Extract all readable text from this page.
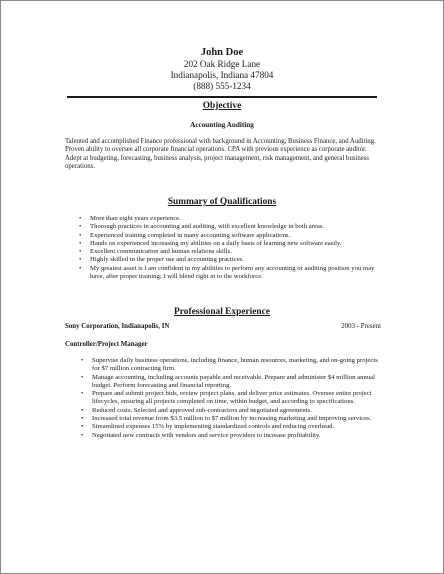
John Doe
202 Oak Ridge Lane
Indianapolis, Indiana 47804
(888) 555-1234
Objective
Accounting Auditing

Talented and accomplished Finance professional with background in Accounting, Business Finance, and Auditing. Proven ability to oversee all corporate financial operations. CPA with previous experience as corporate auditor. Adept at budgeting, forecasting, business analysis, project management, risk management, and general business operations.

Summary of Qualifications
• More than eight years experience.
• Thorough practices in accounting and auditing, with excellent knowledge in both areas.
• Experienced training completed in many accounting software applications.
• Hands on experienced increasing my abilities on a daily basis of learning new software easily.
• Excellent communication and human relations skills.
• Highly skilled in the proper use and accounting practices.
• My greatest asset is I am confident in my abilities to perform any accounting or auditing position you may have, after proper training; I will blend right in to the workforce.
Professional Experience
Sony Corporation, Indianapolis, IN	2003 - Present
Controller/Project Manager
• Supervise daily business operations, including finance, human resources, marketing, and on-going projects for $7 million contracting firm.
• Manage accounting, including accounts payable and receivable. Prepare and administer $4 million annual budget. Perform forecasting and financial reporting.
• Prepare and submit project bids, review project plans, and deliver price estimates. Oversee entire project lifecycles, ensuring all projects completed on time, within budget, and according to specifications.
• Reduced costs. Selected and approved sub-contractors and negotiated agreements.
• Increased total revenue from $3.5 million to $7 million by increasing marketing and improving services.
• Streamlined expenses 15% by implementing standardized controls and reducing overhead.
• Negotiated new contracts with vendors and service providers to increase profitability.
